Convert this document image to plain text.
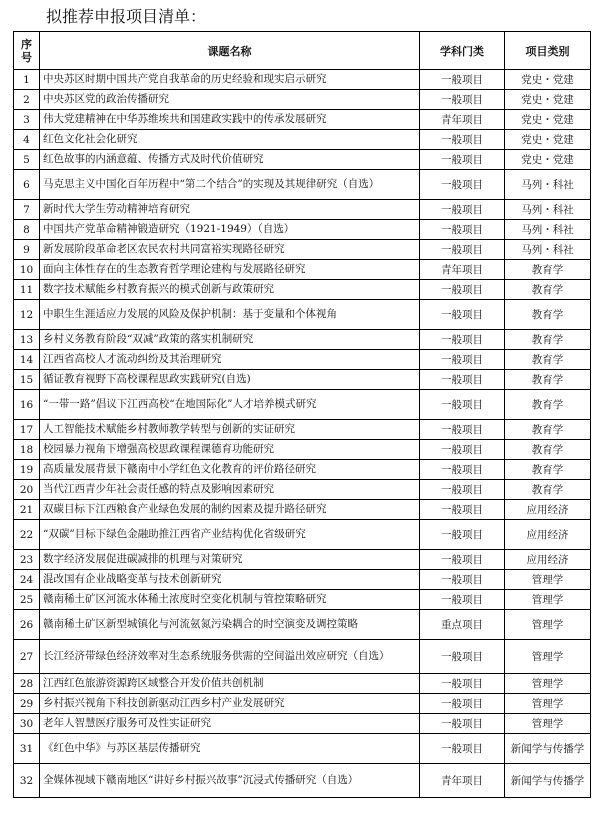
拟推荐申报项目清单：
序号	课题名称	学科门类	项目类别
1	中央苏区时期中国共产党自我革命的历史经验和现实启示研究	一般项目	党史・党建
2	中央苏区党的政治传播研究	一般项目	党史・党建
3	伟大党建精神在中华苏维埃共和国建政实践中的传承发展研究	青年项目	党史・党建
4	红色文化社会化研究	一般项目	党史・党建
5	红色故事的内涵意蕴、传播方式及时代价值研究	一般项目	党史・党建
6	马克思主义中国化百年历程中“第二个结合”的实现及其规律研究（自选）	一般项目	马列・科社
7	新时代大学生劳动精神培育研究	一般项目	马列・科社
8	中国共产党革命精神锻造研究（1921-1949）（自选）	一般项目	马列・科社
9	新发展阶段革命老区农民农村共同富裕实现路径研究	一般项目	马列・科社
10	面向主体性存在的生态教育哲学理论建构与发展路径研究	青年项目	教育学
11	数字技术赋能乡村教育振兴的模式创新与政策研究	一般项目	教育学
12	中职生生涯适应力发展的风险及保护机制：基于变量和个体视角	一般项目	教育学
13	乡村义务教育阶段“双减”政策的落实机制研究	一般项目	教育学
14	江西省高校人才流动纠纷及其治理研究	一般项目	教育学
15	循证教育视野下高校课程思政实践研究(自选)	一般项目	教育学
16	“一带一路”倡议下江西高校“在地国际化”人才培养模式研究	一般项目	教育学
17	人工智能技术赋能乡村教师教学转型与创新的实证研究	一般项目	教育学
18	校园暴力视角下增强高校思政课程课德育功能研究	一般项目	教育学
19	高质量发展背景下赣南中小学红色文化教育的评价路径研究	一般项目	教育学
20	当代江西青少年社会责任感的特点及影响因素研究	一般项目	教育学
21	双碳目标下江西粮食产业绿色发展的制约因素及提升路径研究	一般项目	应用经济
22	“双碳”目标下绿色金融助推江西省产业结构优化省级研究	一般项目	应用经济
23	数字经济发展促进碳减排的机理与对策研究	一般项目	应用经济
24	混改国有企业战略变革与技术创新研究	一般项目	管理学
25	赣南稀土矿区河流水体稀土浓度时空变化机制与管控策略研究	一般项目	管理学
26	赣南稀土矿区新型城镇化与河流氨氮污染耦合的时空演变及调控策略	重点项目	管理学
27	长江经济带绿色经济效率对生态系统服务供需的空间溢出效应研究（自选）	一般项目	管理学
28	江西红色旅游资源跨区域整合开发价值共创机制	一般项目	管理学
29	乡村振兴视角下科技创新驱动江西乡村产业发展研究	一般项目	管理学
30	老年人智慧医疗服务可及性实证研究	一般项目	管理学
31	《红色中华》与苏区基层传播研究	一般项目	新闻学与传播学
32	全媒体视域下赣南地区“讲好乡村振兴故事”沉浸式传播研究（自选）	青年项目	新闻学与传播学
